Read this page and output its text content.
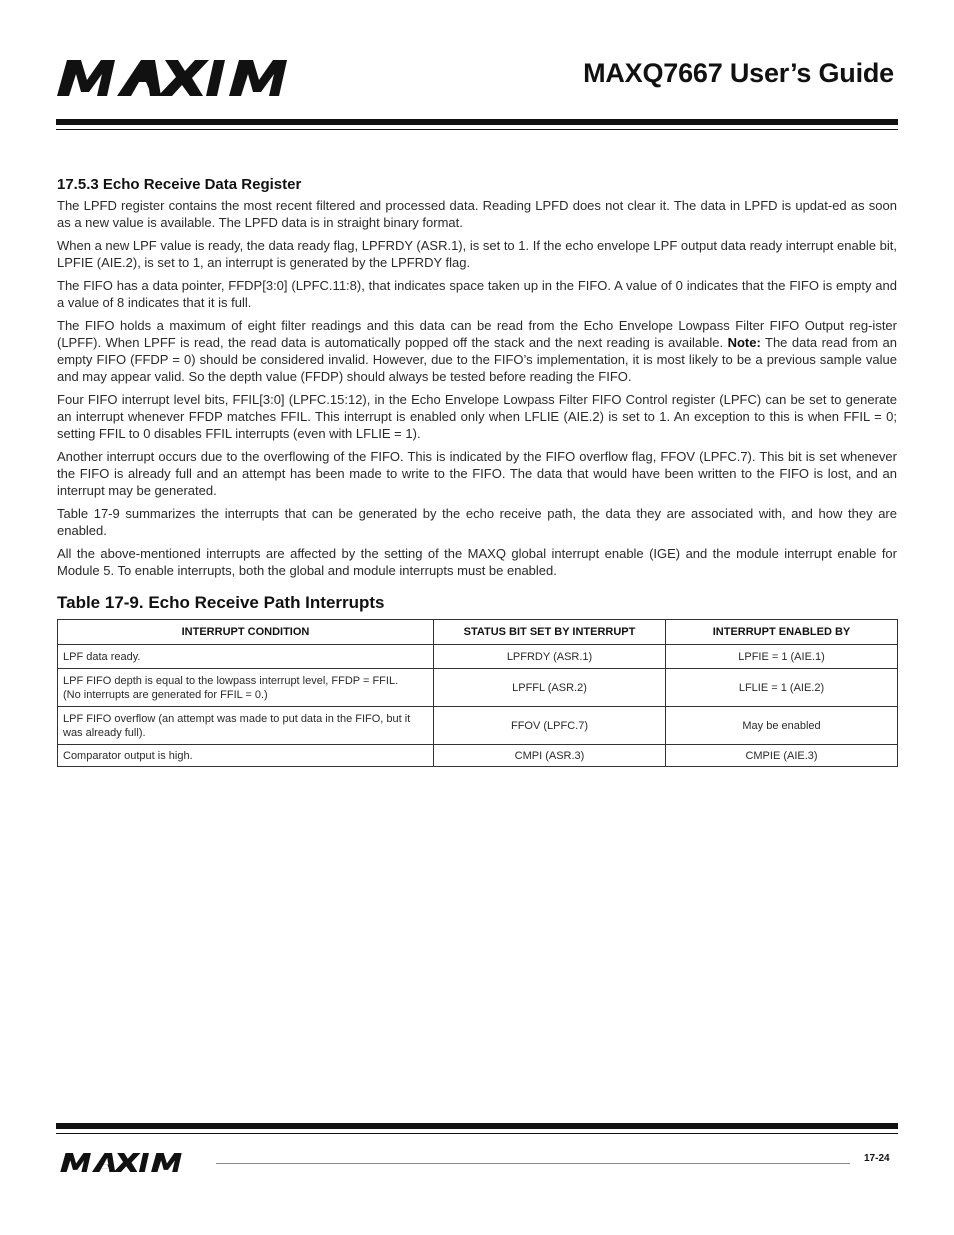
MAXQ7667 User’s Guide
17.5.3 Echo Receive Data Register

The LPFD register contains the most recent filtered and processed data. Reading LPFD does not clear it. The data in LPFD is updat-ed as soon as a new value is available. The LPFD data is in straight binary format.

When a new LPF value is ready, the data ready flag, LPFRDY (ASR.1), is set to 1. If the echo envelope LPF output data ready interrupt enable bit, LPFIE (AIE.2), is set to 1, an interrupt is generated by the LPFRDY flag.

The FIFO has a data pointer, FFDP[3:0] (LPFC.11:8), that indicates space taken up in the FIFO. A value of 0 indicates that the FIFO is empty and a value of 8 indicates that it is full.

The FIFO holds a maximum of eight filter readings and this data can be read from the Echo Envelope Lowpass Filter FIFO Output reg-ister (LPFF). When LPFF is read, the read data is automatically popped off the stack and the next reading is available. Note: The data read from an empty FIFO (FFDP = 0) should be considered invalid. However, due to the FIFO’s implementation, it is most likely to be a previous sample value and may appear valid. So the depth value (FFDP) should always be tested before reading the FIFO.

Four FIFO interrupt level bits, FFIL[3:0] (LPFC.15:12), in the Echo Envelope Lowpass Filter FIFO Control register (LPFC) can be set to generate an interrupt whenever FFDP matches FFIL. This interrupt is enabled only when LFLIE (AIE.2) is set to 1. An exception to this is when FFIL = 0; setting FFIL to 0 disables FFIL interrupts (even with LFLIE = 1).

Another interrupt occurs due to the overflowing of the FIFO. This is indicated by the FIFO overflow flag, FFOV (LPFC.7). This bit is set whenever the FIFO is already full and an attempt has been made to write to the FIFO. The data that would have been written to the FIFO is lost, and an interrupt may be generated.

Table 17-9 summarizes the interrupts that can be generated by the echo receive path, the data they are associated with, and how they are enabled.

All the above-mentioned interrupts are affected by the setting of the MAXQ global interrupt enable (IGE) and the module interrupt enable for Module 5. To enable interrupts, both the global and module interrupts must be enabled.

Table 17-9. Echo Receive Path Interrupts
INTERRUPT CONDITION	STATUS BIT SET BY INTERRUPT	INTERRUPT ENABLED BY
LPF data ready.	LPFRDY (ASR.1)	LPFIE = 1 (AIE.1)
LPF FIFO depth is equal to the lowpass interrupt level, FFDP = FFIL.
(No interrupts are generated for FFIL = 0.)	LPFFL (ASR.2)	LFLIE = 1 (AIE.2)
LPF FIFO overflow (an attempt was made to put data in the FIFO, but it was already full).	FFOV (LPFC.7)	May be enabled
Comparator output is high.	CMPI (ASR.3)	CMPIE (AIE.3)
17-24
